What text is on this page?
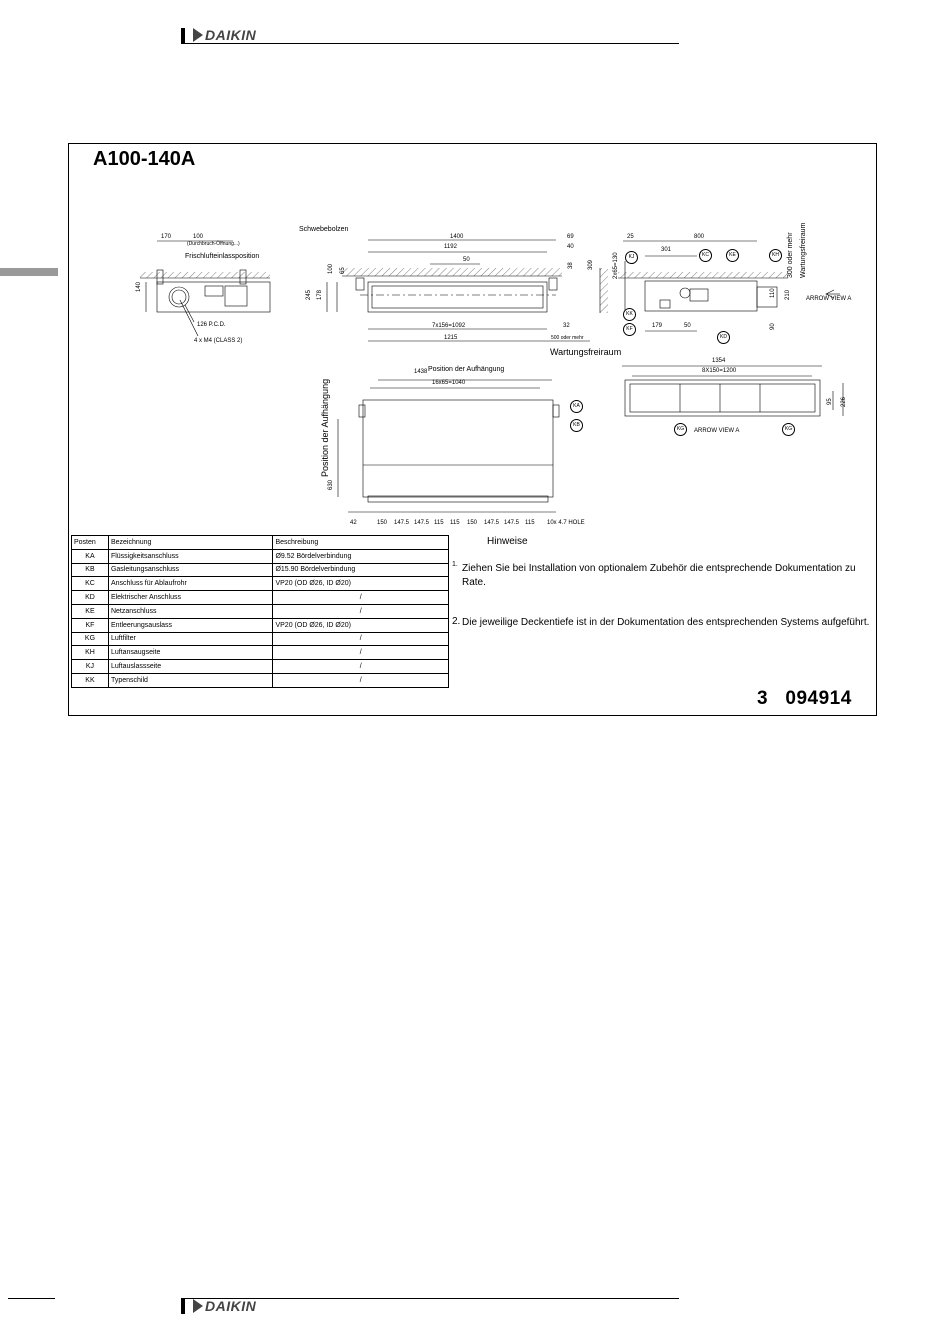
DAIKIN
A100-140A
Schwebebolzen
Frischlufteinlassposition
(Durchbruch-Öffnung...)
126 P.C.D.
4 x M4 (CLASS 2)
Wartungsfreiraum
Wartungsfreiraum
300 oder mehr
ARROW VIEW A
ARROW VIEW A
Position der Aufhängung
Position der Aufhängung
10x 4.7 HOLE
500 oder mehr
170	100
140
1400
1192
50
69
40
38 309
100 65
245 178
7x156=1092	32
1215
25	800
301
2x65=130
110 210
179	50	90
1438
16x65=1040
1354
8X150=1200
95 226
630
42	150 147.5 147.5 115 115 150 147.5 147.5 115
KJ	KC	KE	KH
KK
KF
KD
KA
KB
KG	KG
Posten	Bezeichnung	Beschreibung
KA	Flüssigkeitsanschluss	Ø9.52 Bördelverbindung
KB	Gasleitungsanschluss	Ø15.90 Bördelverbindung
KC	Anschluss für Ablaufrohr	VP20 (OD Ø26, ID Ø20)
KD	Elektrischer Anschluss	/
KE	Netzanschluss	/
KF	Entleerungsauslass	VP20 (OD Ø26, ID Ø20)
KG	Luftfilter	/
KH	Luftansaugseite	/
KJ	Luftauslassseite	/
KK	Typenschild	/
Hinweise
1. Ziehen Sie bei Installation von optionalem Zubehör die entsprechende Dokumentation zu Rate.
2. Die jeweilige Deckentiefe ist in der Dokumentation des entsprechenden Systems aufgeführt.
3   094914
DAIKIN
